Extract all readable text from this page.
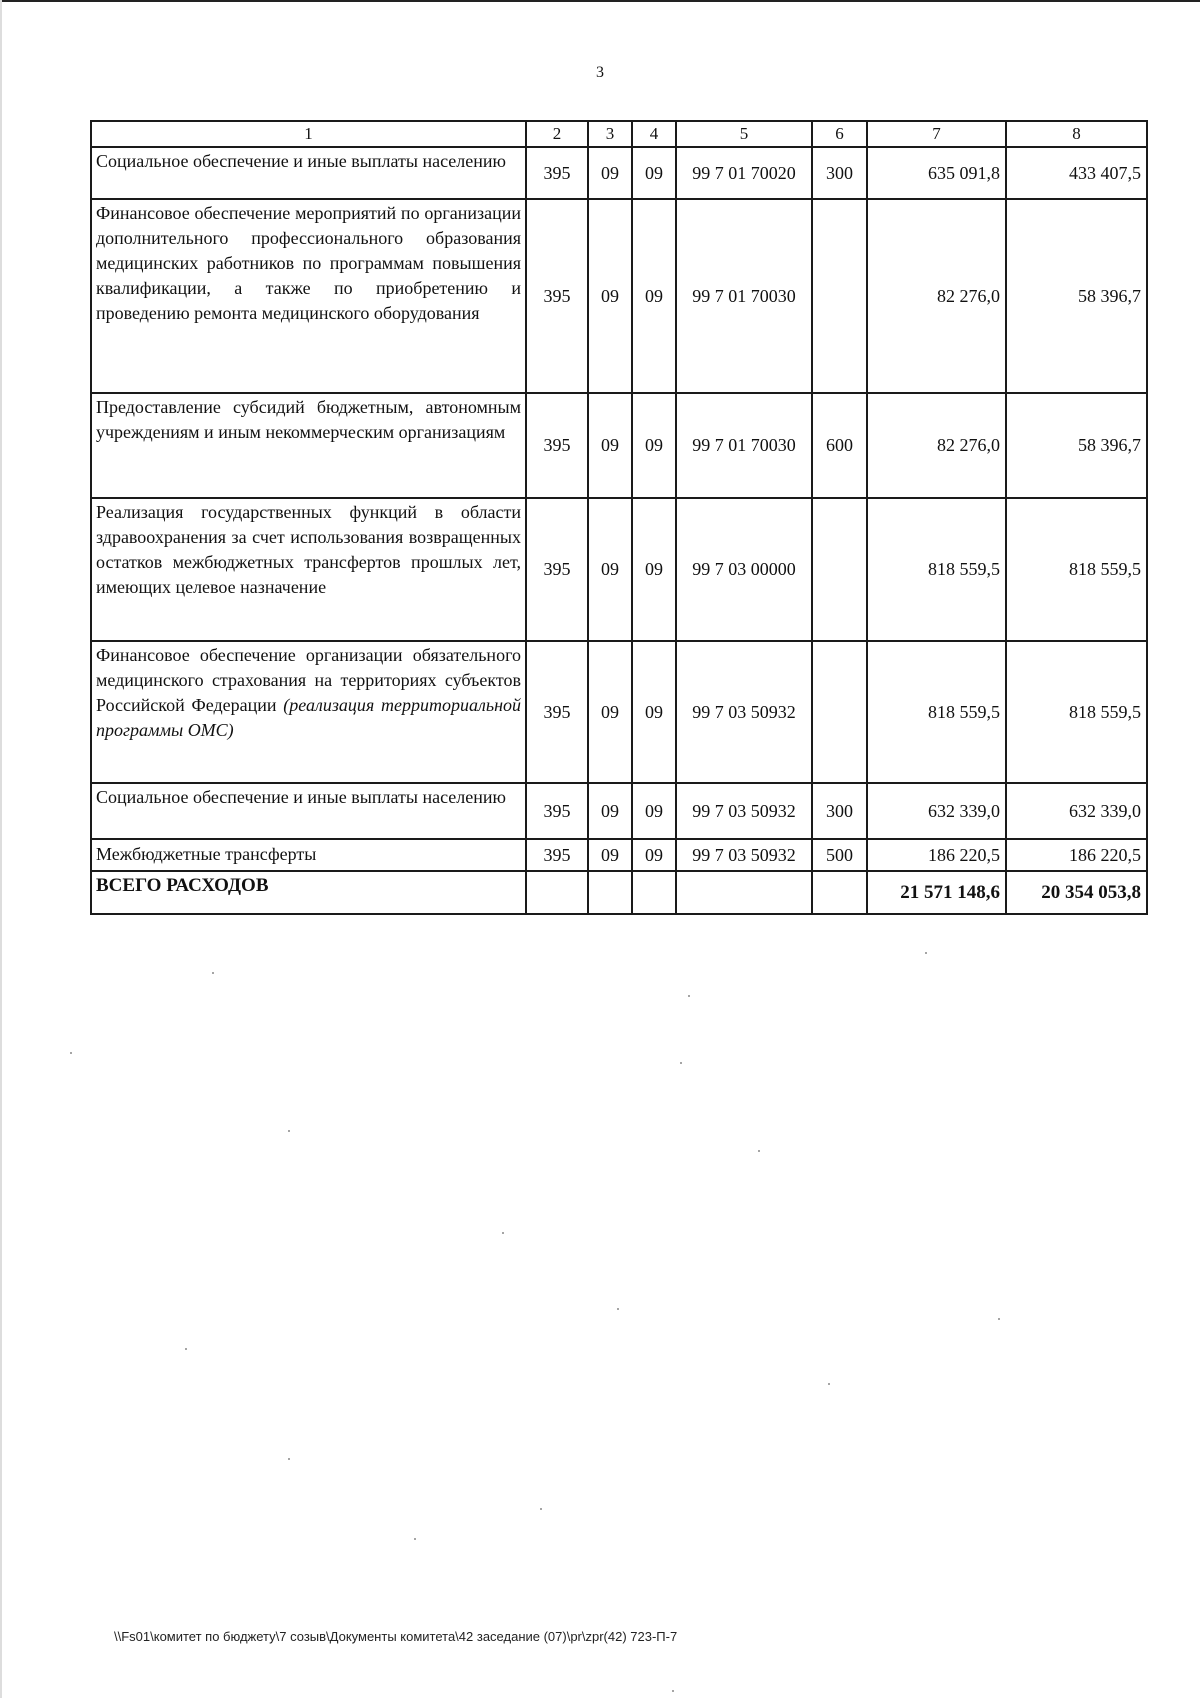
3
1	2	3	4	5	6	7	8
Социальное обеспечение и иные выплаты населению	395	09	09	99 7 01 70020	300	635 091,8	433 407,5
Финансовое обеспечение мероприятий по организации дополнительного профессионального образования медицинских работников по программам повышения квалификации, а также по приобретению и проведению ремонта медицинского оборудования	395	09	09	99 7 01 70030		82 276,0	58 396,7
Предоставление субсидий бюджетным, автономным учреждениям и иным некоммерческим организациям	395	09	09	99 7 01 70030	600	82 276,0	58 396,7
Реализация государственных функций в области здравоохранения за счет использования возвращенных остатков межбюджетных трансфертов прошлых лет, имеющих целевое назначение	395	09	09	99 7 03 00000		818 559,5	818 559,5
Финансовое обеспечение организации обязательного медицинского страхования на территориях субъектов Российской Федерации (реализация территориальной программы ОМС)	395	09	09	99 7 03 50932		818 559,5	818 559,5
Социальное обеспечение и иные выплаты населению	395	09	09	99 7 03 50932	300	632 339,0	632 339,0
Межбюджетные трансферты	395	09	09	99 7 03 50932	500	186 220,5	186 220,5
ВСЕГО РАСХОДОВ						21 571 148,6	20 354 053,8
\\Fs01\комитет по бюджету\7 созыв\Документы комитета\42 заседание (07)\pr\zpr(42) 723-П-7
